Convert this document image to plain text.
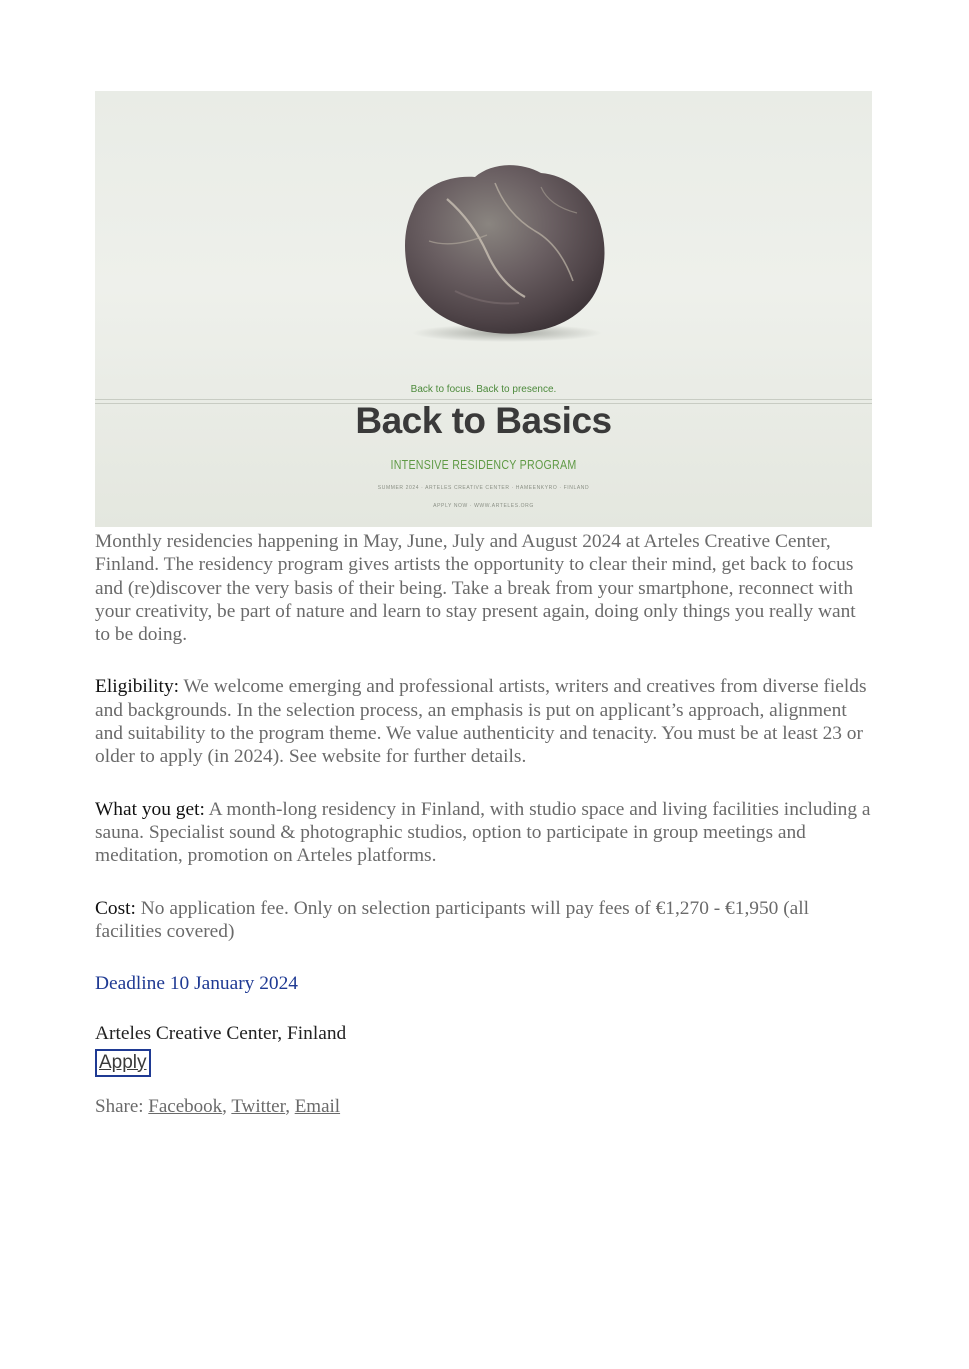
Back to focus. Back to presence.
Back to Basics
INTENSIVE RESIDENCY PROGRAM
SUMMER 2024 · ARTELES CREATIVE CENTER · HAMEENKYRO · FINLAND
APPLY NOW · WWW.ARTELES.ORG

Monthly residencies happening in May, June, July and August 2024 at Arteles Creative Center, Finland. The residency program gives artists the opportunity to clear their mind, get back to focus and (re)discover the very basis of their being. Take a break from your smartphone, reconnect with your creativity, be part of nature and learn to stay present again, doing only things you really want to be doing.

Eligibility: We welcome emerging and professional artists, writers and creatives from diverse fields and backgrounds. In the selection process, an emphasis is put on applicant’s approach, alignment and suitability to the program theme. We value authenticity and tenacity. You must be at least 23 or older to apply (in 2024). See website for further details.

What you get: A month-long residency in Finland, with studio space and living facilities including a sauna. Specialist sound & photographic studios, option to participate in group meetings and meditation, promotion on Arteles platforms.

Cost: No application fee. Only on selection participants will pay fees of €1,270 - €1,950 (all facilities covered)

Deadline 10 January 2024

Arteles Creative Center, Finland

Apply

Share: Facebook, Twitter, Email
